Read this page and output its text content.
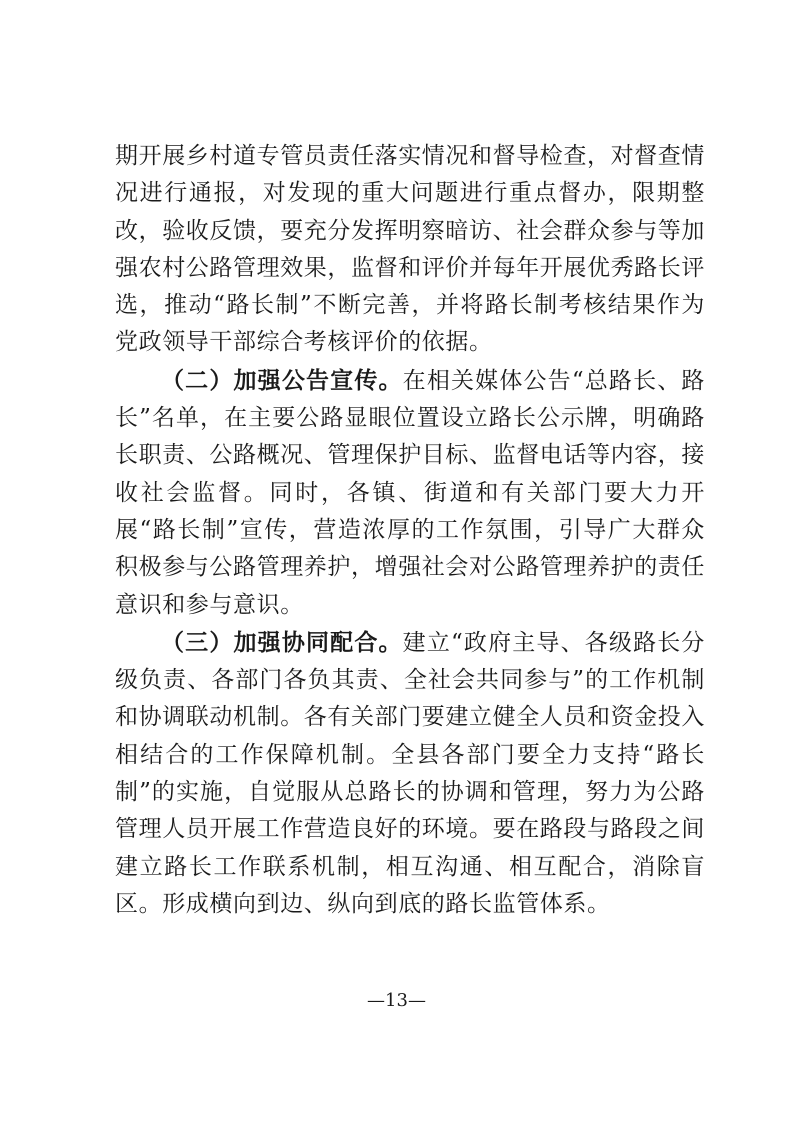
期开展乡村道专管员责任落实情况和督导检查，对督查情况进行通报，对发现的重大问题进行重点督办，限期整改，验收反馈，要充分发挥明察暗访、社会群众参与等加强农村公路管理效果，监督和评价并每年开展优秀路长评选，推动“路长制”不断完善，并将路长制考核结果作为党政领导干部综合考核评价的依据。

（二）加强公告宣传。在相关媒体公告“总路长、路长”名单，在主要公路显眼位置设立路长公示牌，明确路长职责、公路概况、管理保护目标、监督电话等内容，接收社会监督。同时，各镇、街道和有关部门要大力开展“路长制”宣传，营造浓厚的工作氛围，引导广大群众积极参与公路管理养护，增强社会对公路管理养护的责任意识和参与意识。

（三）加强协同配合。建立“政府主导、各级路长分级负责、各部门各负其责、全社会共同参与”的工作机制和协调联动机制。各有关部门要建立健全人员和资金投入相结合的工作保障机制。全县各部门要全力支持“路长制”的实施，自觉服从总路长的协调和管理，努力为公路管理人员开展工作营造良好的环境。要在路段与路段之间建立路长工作联系机制，相互沟通、相互配合，消除盲区。形成横向到边、纵向到底的路长监管体系。

—13—
